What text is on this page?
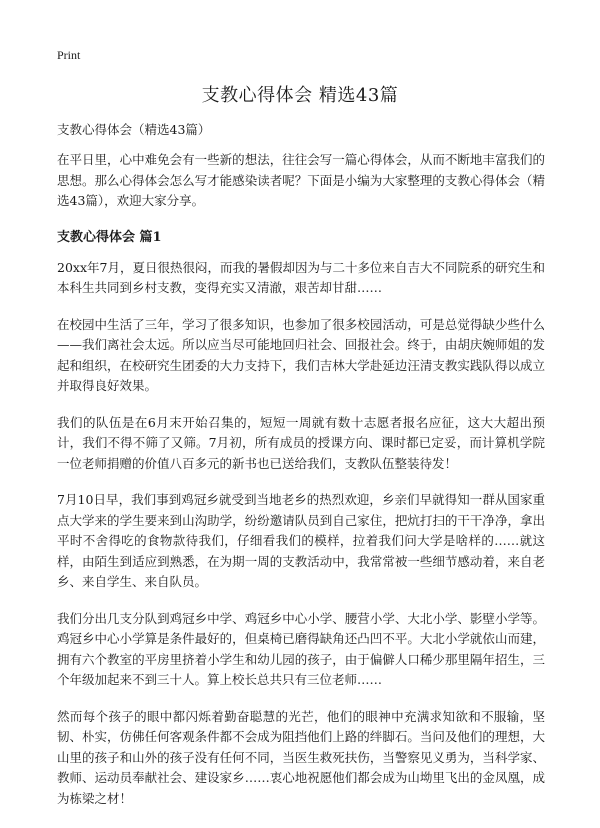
Print
支教心得体会 精选43篇

支教心得体会（精选43篇）

在平日里，心中难免会有一些新的想法，往往会写一篇心得体会，从而不断地丰富我们的思想。那么心得体会怎么写才能感染读者呢？下面是小编为大家整理的支教心得体会（精选43篇），欢迎大家分享。

支教心得体会 篇1

20xx年7月，夏日很热很闷，而我的暑假却因为与二十多位来自吉大不同院系的研究生和本科生共同到乡村支教，变得充实又清澈，艰苦却甘甜……

在校园中生活了三年，学习了很多知识，也参加了很多校园活动，可是总觉得缺少些什么——我们离社会太远。所以应当尽可能地回归社会、回报社会。终于，由胡庆婉师姐的发起和组织，在校研究生团委的大力支持下，我们吉林大学赴延边汪清支教实践队得以成立并取得良好效果。

我们的队伍是在6月末开始召集的，短短一周就有数十志愿者报名应征，这大大超出预计，我们不得不筛了又筛。7月初，所有成员的授课方向、课时都已定妥，而计算机学院一位老师捐赠的价值八百多元的新书也已送给我们，支教队伍整装待发！

7月10日早，我们事到鸡冠乡就受到当地老乡的热烈欢迎，乡亲们早就得知一群从国家重点大学来的学生要来到山沟助学，纷纷邀请队员到自己家住，把炕打扫的干干净净，拿出平时不舍得吃的食物款待我们，仔细看我们的模样，拉着我们问大学是啥样的……就这样，由陌生到适应到熟悉，在为期一周的支教活动中，我常常被一些细节感动着，来自老乡、来自学生、来自队员。

我们分出几支分队到鸡冠乡中学、鸡冠乡中心小学、腰营小学、大北小学、影壁小学等。鸡冠乡中心小学算是条件最好的，但桌椅已磨得缺角还凸凹不平。大北小学就依山而建，拥有六个教室的平房里挤着小学生和幼儿园的孩子，由于偏僻人口稀少那里隔年招生，三个年级加起来不到三十人。算上校长总共只有三位老师……

然而每个孩子的眼中都闪烁着勤奋聪慧的光芒，他们的眼神中充满求知欲和不服输，坚韧、朴实，仿佛任何客观条件都不会成为阻挡他们上路的绊脚石。当问及他们的理想，大山里的孩子和山外的孩子没有任何不同，当医生救死扶伤，当警察见义勇为，当科学家、教师、运动员奉献社会、建设家乡……衷心地祝愿他们都会成为山坳里飞出的金凤凰，成为栋梁之材！
